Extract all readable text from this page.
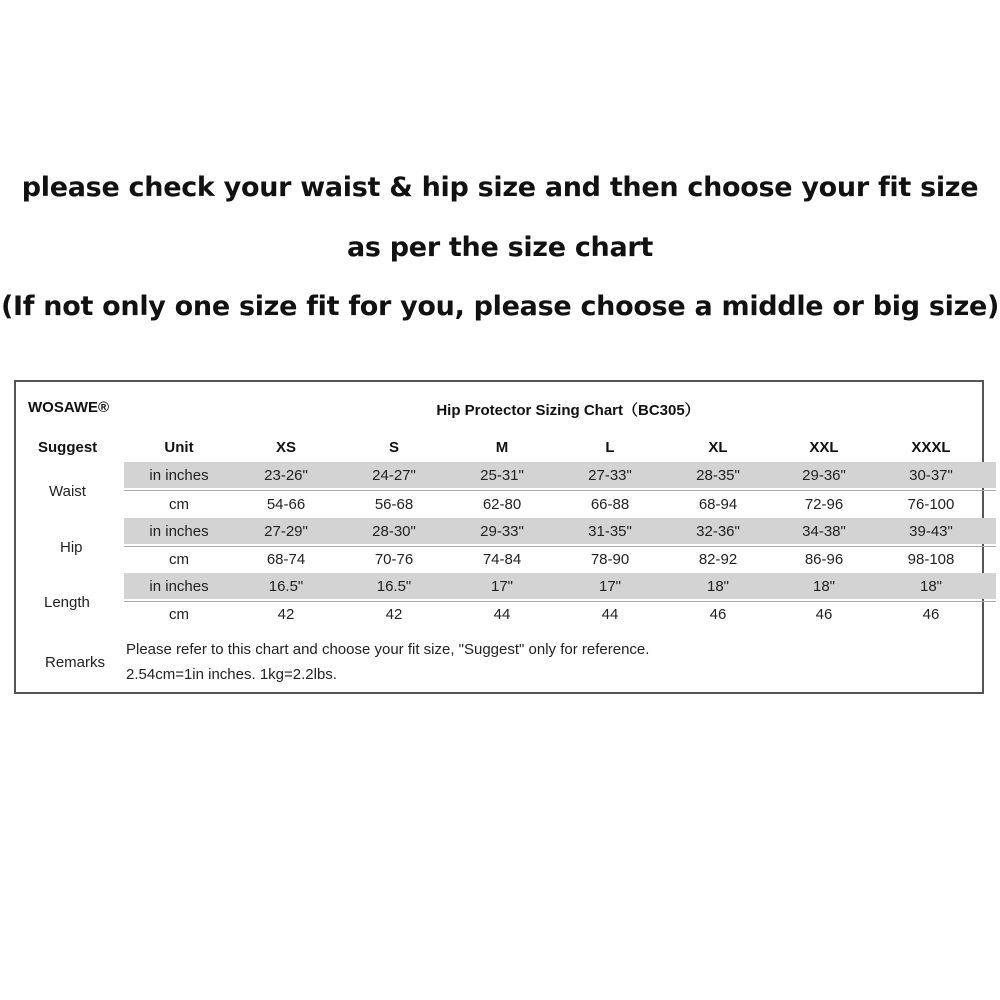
please check your waist & hip size and then choose your fit size
as per the size chart
(If not only one size fit for you, please choose a middle or big size)
WOSAWE®	Hip Protector Sizing Chart（BC305）
Suggest	Unit	XS	S	M	L	XL	XXL	XXXL
Waist
in inches	23-26"	24-27"	25-31"	27-33"	28-35"	29-36"	30-37"
cm	54-66	56-68	62-80	66-88	68-94	72-96	76-100
Hip
in inches	27-29"	28-30"	29-33"	31-35"	32-36"	34-38"	39-43"
cm	68-74	70-76	74-84	78-90	82-92	86-96	98-108
Length
in inches	16.5"	16.5"	17"	17"	18"	18"	18"
cm	42	42	44	44	46	46	46
Remarks
Please refer to this chart and choose your fit size, "Suggest" only for reference.
2.54cm=1in inches. 1kg=2.2lbs.
